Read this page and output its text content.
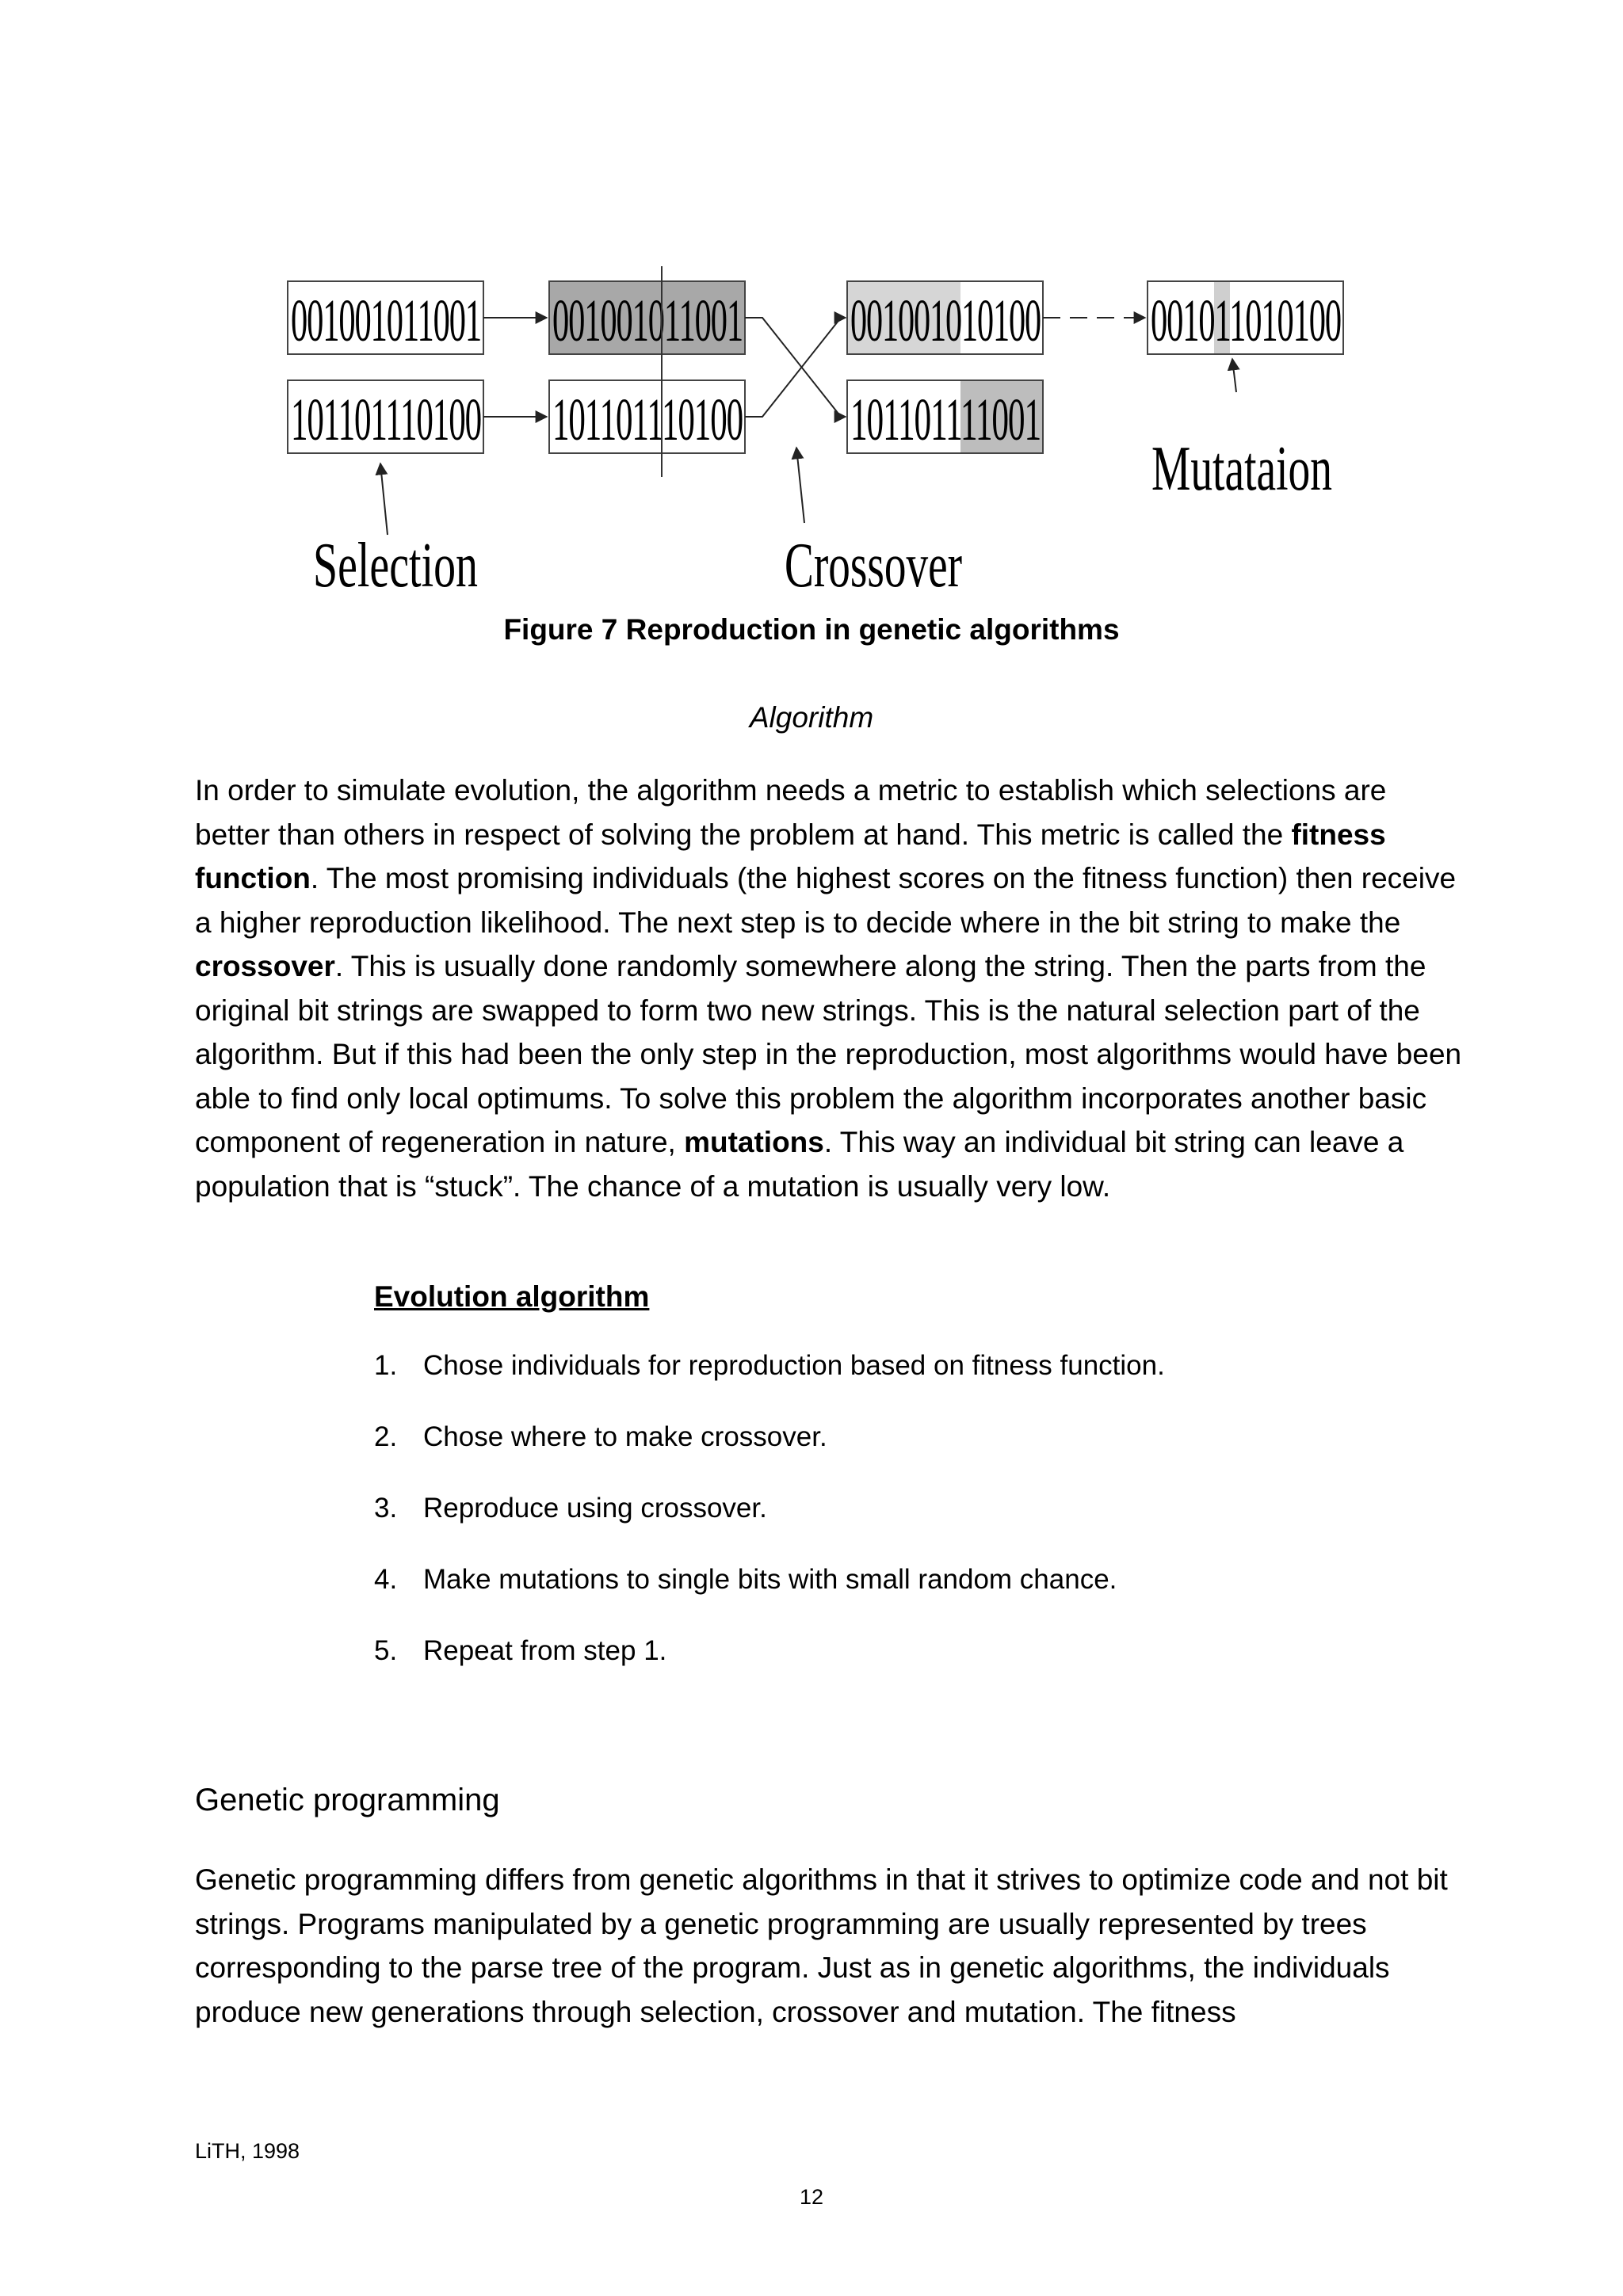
001001011001
101101110100
001001011001
101101110100
001001010100
101101111001
001011010100
Selection	Crossover
Mutataion
Figure 7 Reproduction in genetic algorithms
Algorithm
In order to simulate evolution, the algorithm needs a metric to establish which selections are better than others in respect of solving the problem at hand. This metric is called the fitness function. The most promising individuals (the highest scores on the fitness function) then receive a higher reproduction likelihood. The next step is to decide where in the bit string to make the crossover. This is usually done randomly somewhere along the string. Then the parts from the original bit strings are swapped to form two new strings. This is the natural selection part of the algorithm. But if this had been the only step in the reproduction, most algorithms would have been able to find only local optimums. To solve this problem the algorithm incorporates another basic component of regeneration in nature, mutations. This way an individual bit string can leave a population that is “stuck”. The chance of a mutation is usually very low.
Evolution algorithm
1. Chose individuals for reproduction based on fitness function.
2. Chose where to make crossover.
3. Reproduce using crossover.
4. Make mutations to single bits with small random chance.
5. Repeat from step 1.
Genetic programming
Genetic programming differs from genetic algorithms in that it strives to optimize code and not bit strings. Programs manipulated by a genetic programming are usually represented by trees corresponding to the parse tree of the program. Just as in genetic algorithms, the individuals produce new generations through selection, crossover and mutation. The fitness
LiTH, 1998
12
